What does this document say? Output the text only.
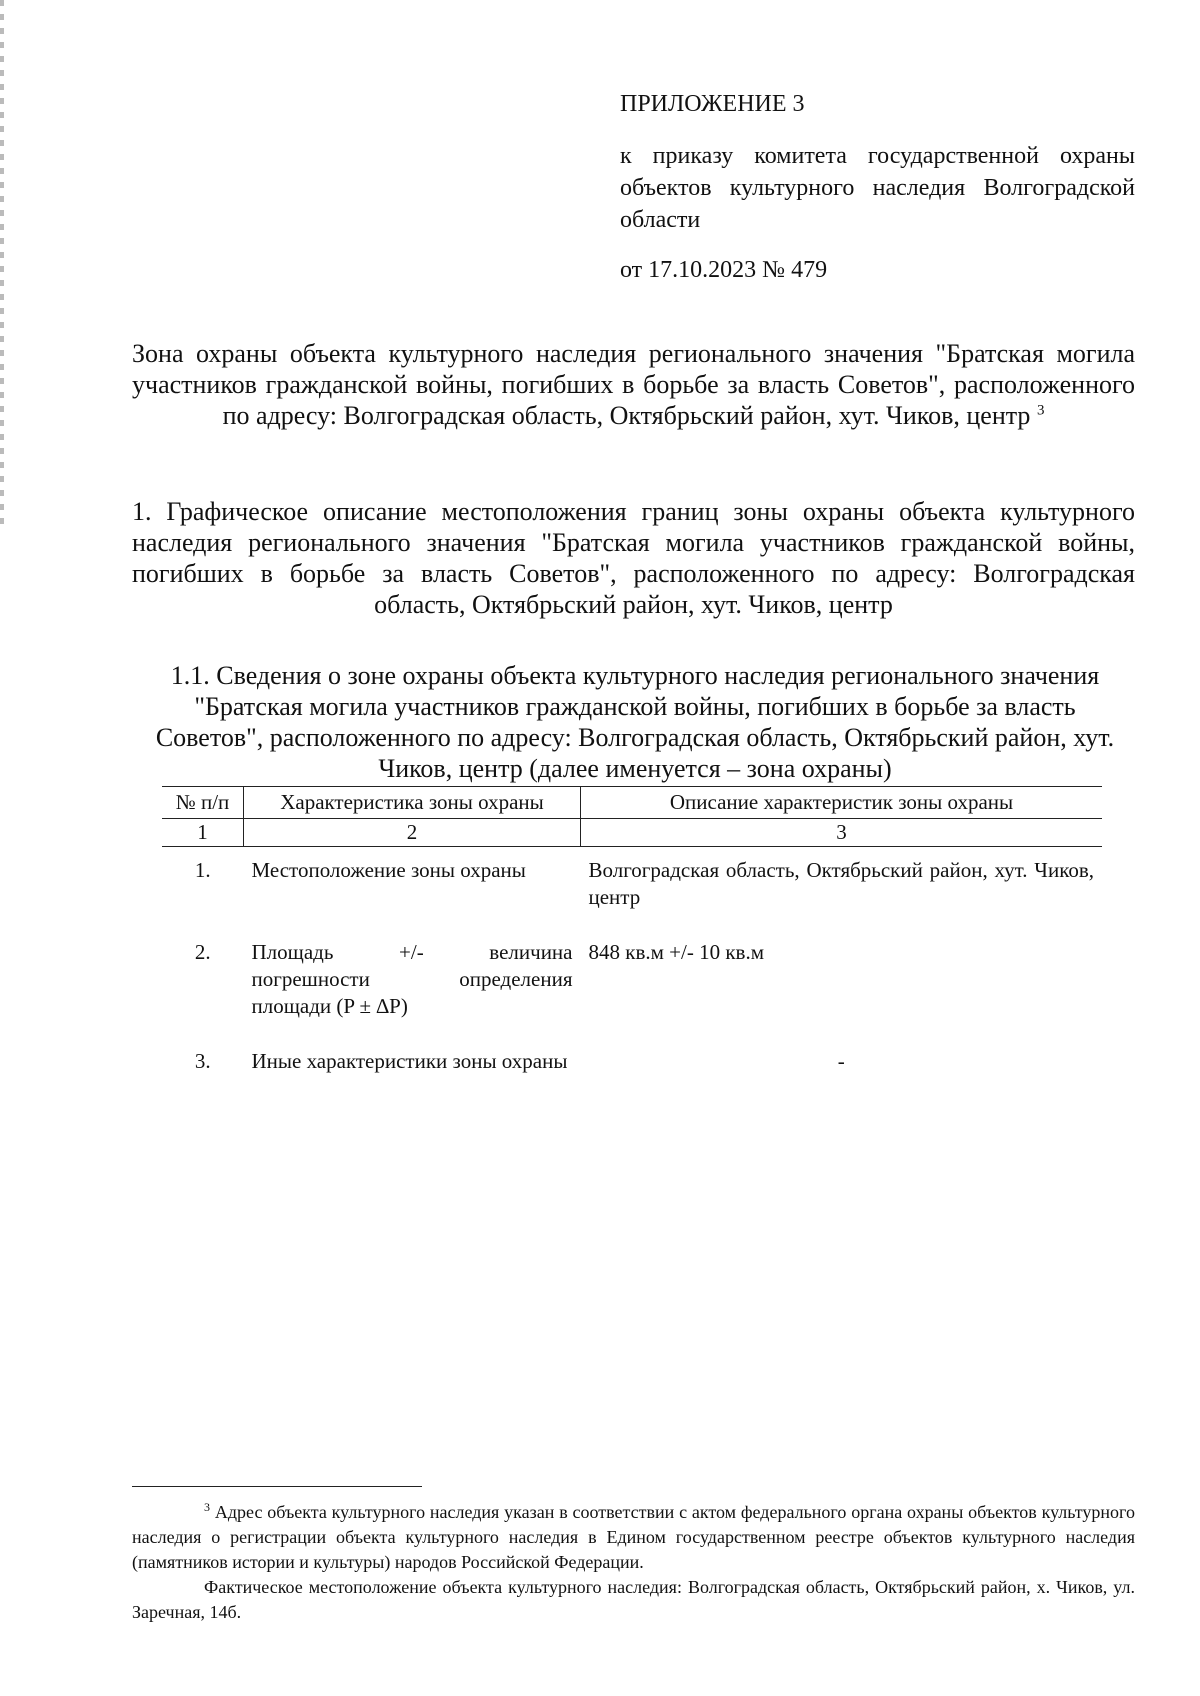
ПРИЛОЖЕНИЕ 3

к приказу комитета государственной охраны объектов культурного наследия Волгоградской области

от 17.10.2023 № 479

Зона охраны объекта культурного наследия регионального значения "Братская могила участников гражданской войны, погибших в борьбе за власть Советов", расположенного по адресу: Волгоградская область, Октябрьский район, хут. Чиков, центр $^3$

1. Графическое описание местоположения границ зоны охраны объекта культурного наследия регионального значения "Братская могила участников гражданской войны, погибших в борьбе за власть Советов", расположенного по адресу: Волгоградская область, Октябрьский район, хут. Чиков, центр

1.1. Сведения о зоне охраны объекта культурного наследия регионального значения "Братская могила участников гражданской войны, погибших в борьбе за власть Советов", расположенного по адресу: Волгоградская область, Октябрьский район, хут. Чиков, центр (далее именуется – зона охраны)

№ п/п	Характеристика зоны охраны	Описание характеристик зоны охраны
1	2	3
1.	Местоположение зоны охраны	Волгоградская область, Октябрьский район, хут. Чиков, центр
2.	Площадь +/- величина погрешности определения площади (P ± ∆P)	848 кв.м +/- 10 кв.м
3.	Иные характеристики зоны охраны	-

$^3$ Адрес объекта культурного наследия указан в соответствии с актом федерального органа охраны объектов культурного наследия о регистрации объекта культурного наследия в Едином государственном реестре объектов культурного наследия (памятников истории и культуры) народов Российской Федерации.

Фактическое местоположение объекта культурного наследия: Волгоградская область, Октябрьский район, х. Чиков, ул. Заречная, 14б.
